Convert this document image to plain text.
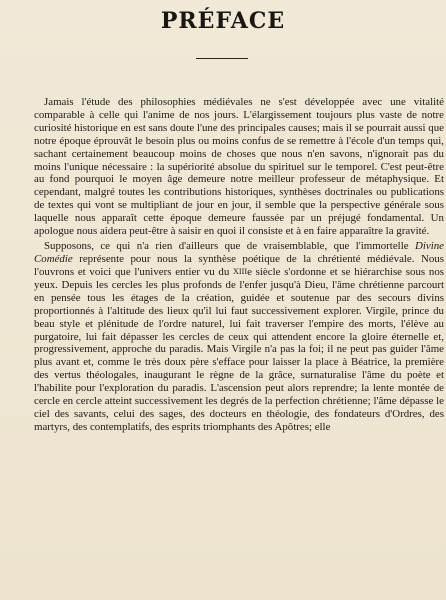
PRÉFACE

Jamais l'étude des philosophies médiévales ne s'est développée avec une vitalité comparable à celle qui l'anime de nos jours. L'élargissement toujours plus vaste de notre curiosité historique en est sans doute l'une des principales causes; mais il se pourrait aussi que notre époque éprouvât le besoin plus ou moins confus de se remettre à l'école d'un temps qui, sachant certainement beaucoup moins de choses que nous n'en savons, n'ignorait pas du moins l'unique nécessaire : la supériorité absolue du spirituel sur le temporel. C'est peut-être au fond pourquoi le moyen âge demeure notre meilleur professeur de métaphysique. Et cependant, malgré toutes les contributions historiques, synthèses doctrinales ou publications de textes qui vont se multipliant de jour en jour, il semble que la perspective générale sous laquelle nous apparaît cette époque demeure faussée par un préjugé fondamental. Un apologue nous aidera peut-être à saisir en quoi il consiste et à en faire apparaître la gravité.

Supposons, ce qui n'a rien d'ailleurs que de vraisemblable, que l'immortelle Divine Comédie représente pour nous la synthèse poétique de la chrétienté médiévale. Nous l'ouvrons et voici que l'univers entier vu du XIIIe siècle s'ordonne et se hiérarchise sous nos yeux. Depuis les cercles les plus profonds de l'enfer jusqu'à Dieu, l'âme chrétienne parcourt en pensée tous les étages de la création, guidée et soutenue par des secours divins proportionnés à l'altitude des lieux qu'il lui faut successivement explorer. Virgile, prince du beau style et plénitude de l'ordre naturel, lui fait traverser l'empire des morts, l'élève au purgatoire, lui fait dépasser les cercles de ceux qui attendent encore la gloire éternelle et, progressivement, approche du paradis. Mais Virgile n'a pas la foi; il ne peut pas guider l'âme plus avant et, comme le très doux père s'efface pour laisser la place à Béatrice, la première des vertus théologales, inaugurant le règne de la grâce, surnaturalise l'âme du poète et l'habilite pour l'exploration du paradis. L'ascension peut alors reprendre; la lente montée de cercle en cercle atteint successivement les degrés de la perfection chrétienne; l'âme dépasse le ciel des savants, celui des sages, des docteurs en théologie, des fondateurs d'Ordres, des martyrs, des contemplatifs, des esprits triomphants des Apôtres; elle
